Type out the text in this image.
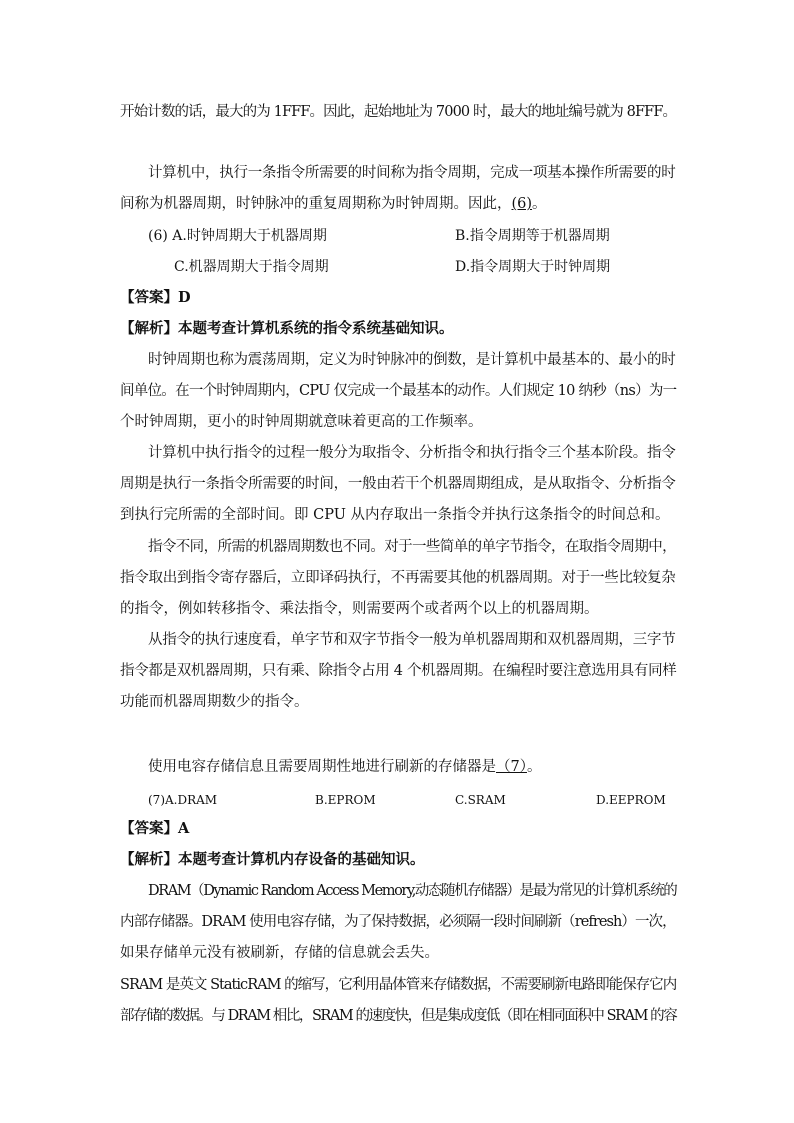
开始计数的话，最大的为 1FFF。因此，起始地址为 7000 时，最大的地址编号就为 8FFF。
计算机中，执行一条指令所需要的时间称为指令周期，完成一项基本操作所需要的时
间称为机器周期，时钟脉冲的重复周期称为时钟周期。因此，(6)。
(6) A.时钟周期大于机器周期	B.指令周期等于机器周期
C.机器周期大于指令周期	D.指令周期大于时钟周期
【答案】D
【解析】本题考查计算机系统的指令系统基础知识。
时钟周期也称为震荡周期，定义为时钟脉冲的倒数，是计算机中最基本的、最小的时
间单位。在一个时钟周期内，CPU 仅完成一个最基本的动作。人们规定 10 纳秒（ns）为一
个时钟周期，更小的时钟周期就意味着更高的工作频率。
计算机中执行指令的过程一般分为取指令、分析指令和执行指令三个基本阶段。指令
周期是执行一条指令所需要的时间，一般由若干个机器周期组成，是从取指令、分析指令
到执行完所需的全部时间。即 CPU 从内存取出一条指令并执行这条指令的时间总和。
指令不同，所需的机器周期数也不同。对于一些简单的单字节指令，在取指令周期中，
指令取出到指令寄存器后，立即译码执行，不再需要其他的机器周期。对于一些比较复杂
的指令，例如转移指令、乘法指令，则需要两个或者两个以上的机器周期。
从指令的执行速度看，单字节和双字节指令一般为单机器周期和双机器周期，三字节
指令都是双机器周期，只有乘、除指令占用 4 个机器周期。在编程时要注意选用具有同样
功能而机器周期数少的指令。
使用电容存储信息且需要周期性地进行刷新的存储器是（7）。
(7)A.DRAM	B.EPROM	C.SRAM	D.EEPROM
【答案】A
【解析】本题考查计算机内存设备的基础知识。
DRAM（Dynamic Random Access Memory,动态随机存储器）是最为常见的计算机系统的
内部存储器。DRAM 使用电容存储，为了保持数据，必须隔一段时间刷新（refresh）一次，
如果存储单元没有被刷新，存储的信息就会丢失。
SRAM 是英文 StaticRAM 的缩写，它利用晶体管来存储数据，不需要刷新电路即能保存它内
部存储的数据。与 DRAM 相比，SRAM 的速度快，但是集成度低（即在相同面积中 SRAM 的容
